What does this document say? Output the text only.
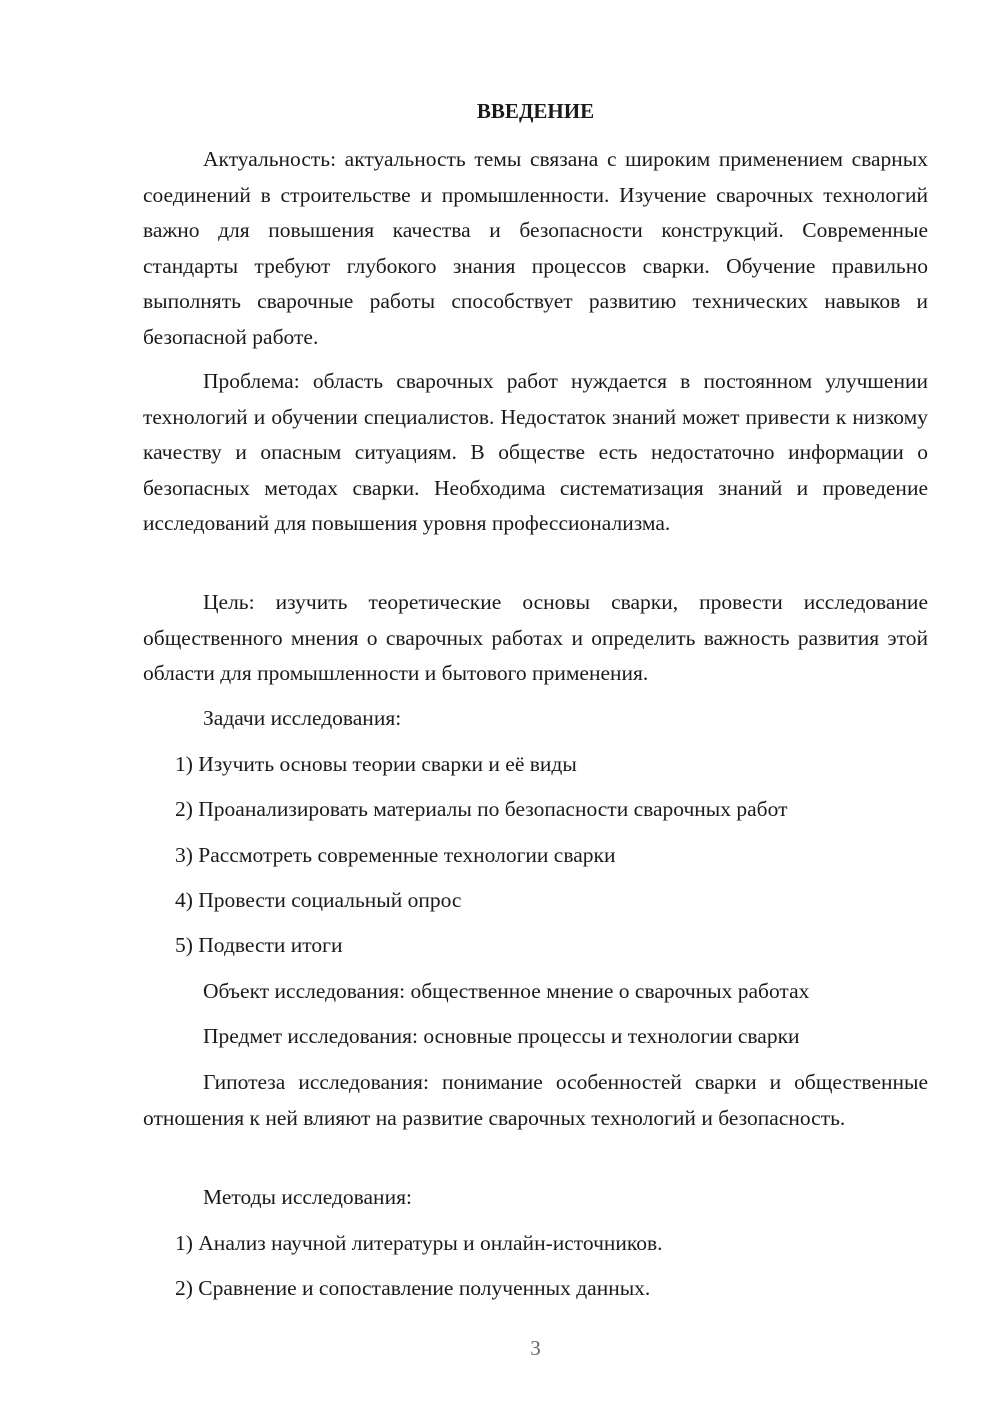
ВВЕДЕНИЕ

Актуальность: актуальность темы связана с широким применением сварных соединений в строительстве и промышленности. Изучение сварочных технологий важно для повышения качества и безопасности конструкций. Современные стандарты требуют глубокого знания процессов сварки. Обучение правильно выполнять сварочные работы способствует развитию технических навыков и безопасной работе.

Проблема: область сварочных работ нуждается в постоянном улучшении технологий и обучении специалистов. Недостаток знаний может привести к низкому качеству и опасным ситуациям. В обществе есть недостаточно информации о безопасных методах сварки. Необходима систематизация знаний и проведение исследований для повышения уровня профессионализма.

Цель: изучить теоретические основы сварки, провести исследование общественного мнения о сварочных работах и определить важность развития этой области для промышленности и бытового применения.

Задачи исследования:
1) Изучить основы теории сварки и её виды
2) Проанализировать материалы по безопасности сварочных работ
3) Рассмотреть современные технологии сварки
4) Провести социальный опрос
5) Подвести итоги
Объект исследования: общественное мнение о сварочных работах
Предмет исследования: основные процессы и технологии сварки

Гипотеза исследования: понимание особенностей сварки и общественные отношения к ней влияют на развитие сварочных технологий и безопасность.

Методы исследования:
1) Анализ научной литературы и онлайн-источников.
2) Сравнение и сопоставление полученных данных.
3
